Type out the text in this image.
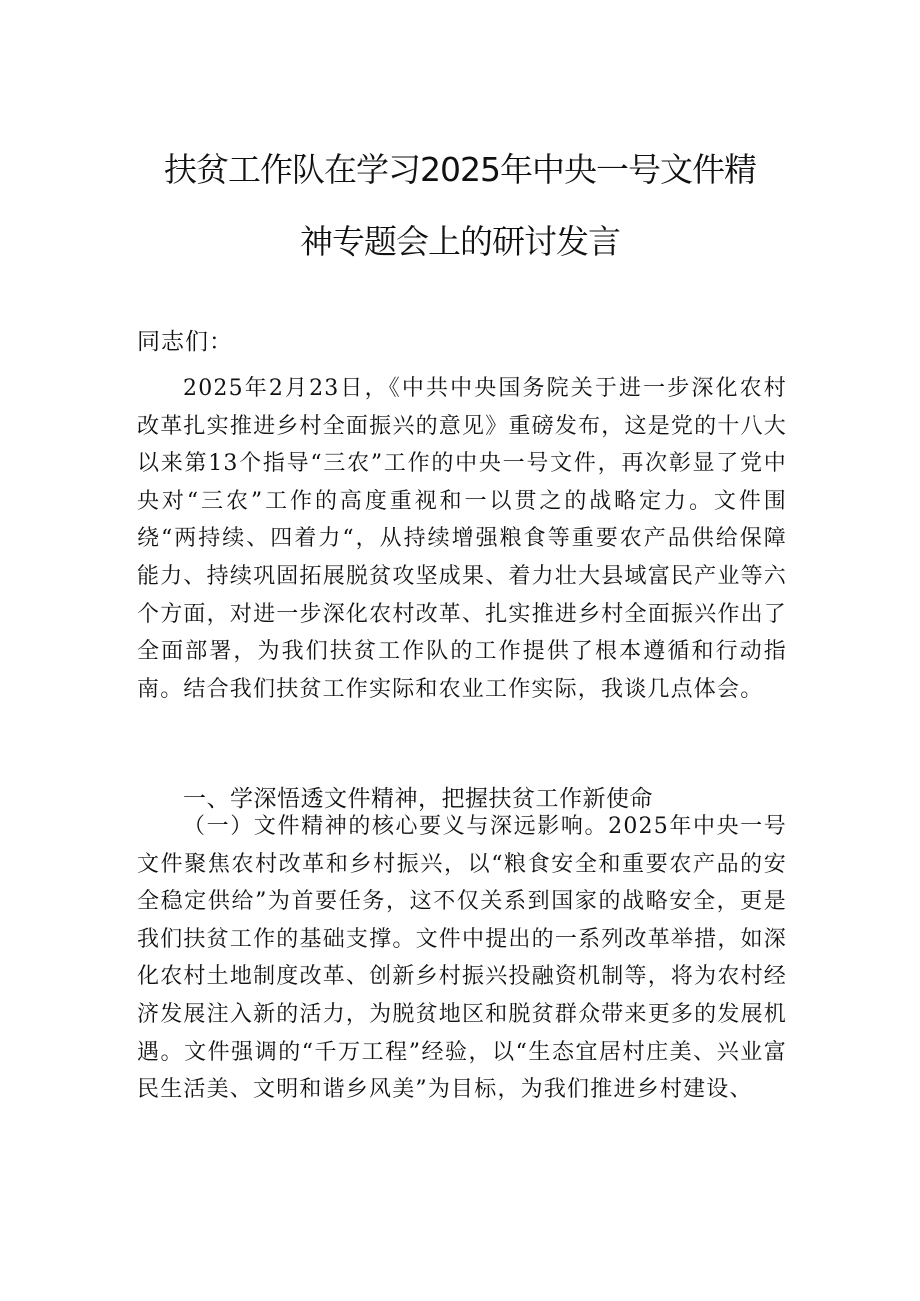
扶贫工作队在学习2025年中央一号文件精
神专题会上的研讨发言
同志们：

2025年2月23日，《中共中央国务院关于进一步深化农村改革扎实推进乡村全面振兴的意见》重磅发布，这是党的十八大以来第13个指导“三农”工作的中央一号文件，再次彰显了党中央对“三农”工作的高度重视和一以贯之的战略定力。文件围绕“两持续、四着力“，从持续增强粮食等重要农产品供给保障能力、持续巩固拓展脱贫攻坚成果、着力壮大县域富民产业等六个方面，对进一步深化农村改革、扎实推进乡村全面振兴作出了全面部署，为我们扶贫工作队的工作提供了根本遵循和行动指南。结合我们扶贫工作实际和农业工作实际，我谈几点体会。

一、学深悟透文件精神，把握扶贫工作新使命

（一）文件精神的核心要义与深远影响。2025年中央一号文件聚焦农村改革和乡村振兴，以“粮食安全和重要农产品的安全稳定供给”为首要任务，这不仅关系到国家的战略安全，更是我们扶贫工作的基础支撑。文件中提出的一系列改革举措，如深化农村土地制度改革、创新乡村振兴投融资机制等，将为农村经济发展注入新的活力，为脱贫地区和脱贫群众带来更多的发展机遇。文件强调的“千万工程”经验，以“生态宜居村庄美、兴业富民生活美、文明和谐乡风美”为目标，为我们推进乡村建设、
